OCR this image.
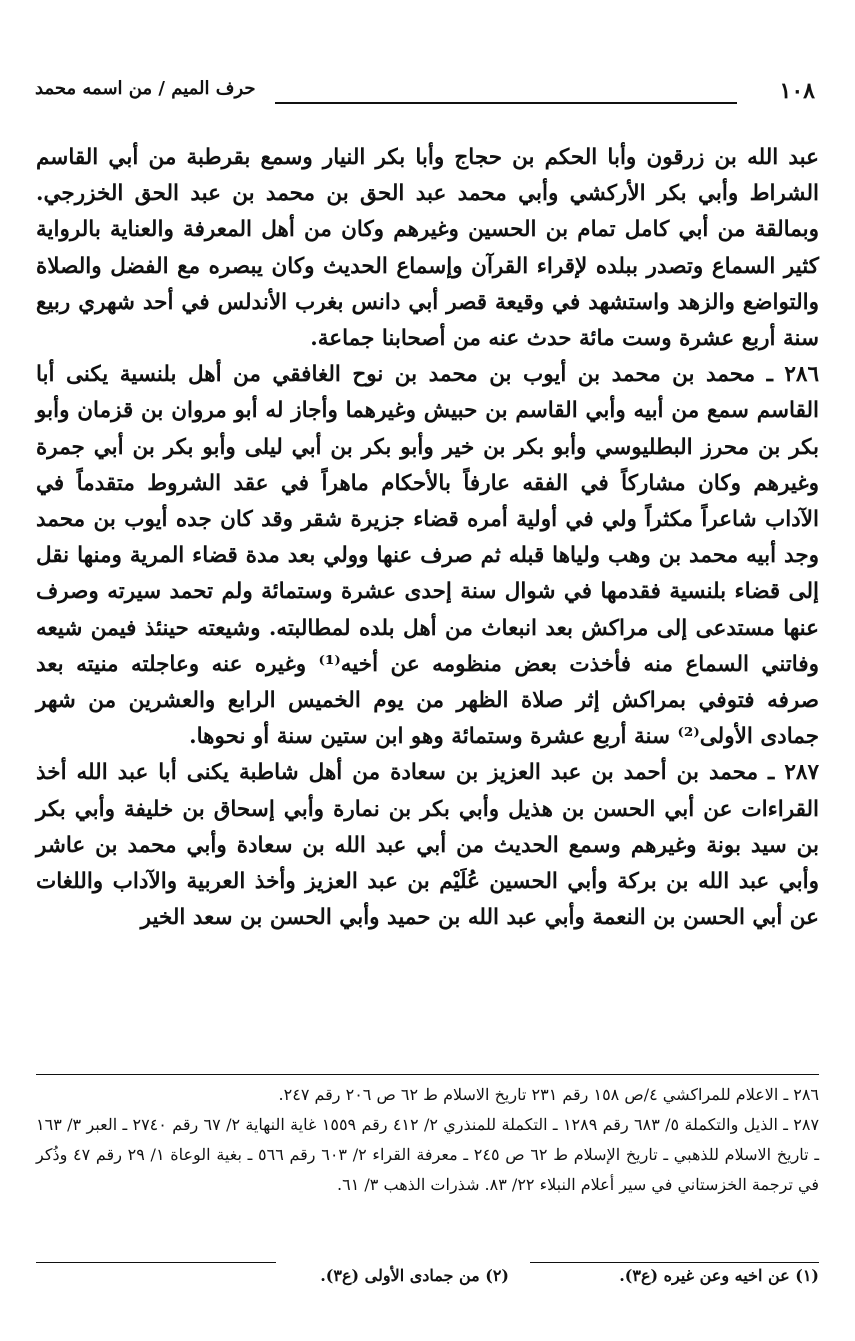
١٠٨
حرف الميم / من اسمه محمد

عبد الله بن زرقون وأبا الحكم بن حجاج وأبا بكر النيار وسمع بقرطبة من أبي القاسم الشراط وأبي بكر الأركشي وأبي محمد عبد الحق بن محمد بن عبد الحق الخزرجي. وبمالقة من أبي كامل تمام بن الحسين وغيرهم وكان من أهل المعرفة والعناية بالرواية كثير السماع وتصدر ببلده لإقراء القرآن وإسماع الحديث وكان يبصره مع الفضل والصلاة والتواضع والزهد واستشهد في وقيعة قصر أبي دانس بغرب الأندلس في أحد شهري ربيع سنة أربع عشرة وست مائة حدث عنه من أصحابنا جماعة.

٢٨٦ ـ محمد بن محمد بن أيوب بن محمد بن نوح الغافقي من أهل بلنسية يكنى أبا القاسم سمع من أبيه وأبي القاسم بن حبيش وغيرهما وأجاز له أبو مروان بن قزمان وأبو بكر بن محرز البطليوسي وأبو بكر بن خير وأبو بكر بن أبي ليلى وأبو بكر بن أبي جمرة وغيرهم وكان مشاركاً في الفقه عارفاً بالأحكام ماهراً في عقد الشروط متقدماً في الآداب شاعراً مكثراً ولي في أولية أمره قضاء جزيرة شقر وقد كان جده أيوب بن محمد وجد أبيه محمد بن وهب ولياها قبله ثم صرف عنها وولي بعد مدة قضاء المرية ومنها نقل إلى قضاء بلنسية فقدمها في شوال سنة إحدى عشرة وستمائة ولم تحمد سيرته وصرف عنها مستدعى إلى مراكش بعد انبعاث من أهل بلده لمطالبته. وشيعته حينئذ فيمن شيعه وفاتني السماع منه فأخذت بعض منظومه عن أخيه⁽¹⁾ وغيره عنه وعاجلته منيته بعد صرفه فتوفي بمراكش إثر صلاة الظهر من يوم الخميس الرابع والعشرين من شهر جمادى الأولى⁽²⁾ سنة أربع عشرة وستمائة وهو ابن ستين سنة أو نحوها.

٢٨٧ ـ محمد بن أحمد بن عبد العزيز بن سعادة من أهل شاطبة يكنى أبا عبد الله أخذ القراءات عن أبي الحسن بن هذيل وأبي بكر بن نمارة وأبي إسحاق بن خليفة وأبي بكر بن سيد بونة وغيرهم وسمع الحديث من أبي عبد الله بن سعادة وأبي محمد بن عاشر وأبي عبد الله بن بركة وأبي الحسين عُلَيْم بن عبد العزيز وأخذ العربية والآداب واللغات عن أبي الحسن بن النعمة وأبي عبد الله بن حميد وأبي الحسن بن سعد الخير

٢٨٦ ـ الاعلام للمراكشي ٤/ص ١٥٨ رقم ٢٣١ تاريخ الاسلام ط ٦٢ ص ٢٠٦ رقم ٢٤٧.

٢٨٧ ـ الذيل والتكملة ٥/ ٦٨٣ رقم ١٢٨٩ ـ التكملة للمنذري ٢/ ٤١٢ رقم ١٥٥٩ غاية النهاية ٢/ ٦٧ رقم ٢٧٤٠ ـ العبر ٣/ ١٦٣ ـ تاريخ الاسلام للذهبي ـ تاريخ الإسلام ط ٦٢ ص ٢٤٥ ـ معرفة القراء ٢/ ٦٠٣ رقم ٥٦٦ ـ بغية الوعاة ١/ ٢٩ رقم ٤٧ وذُكر في ترجمة الخزستاني في سير أعلام النبلاء ٢٢/ ٨٣. شذرات الذهب ٣/ ٦١.

(١) عن اخيه وعن غيره (ع٣).
(٢) من جمادى الأولى (ع٣).
